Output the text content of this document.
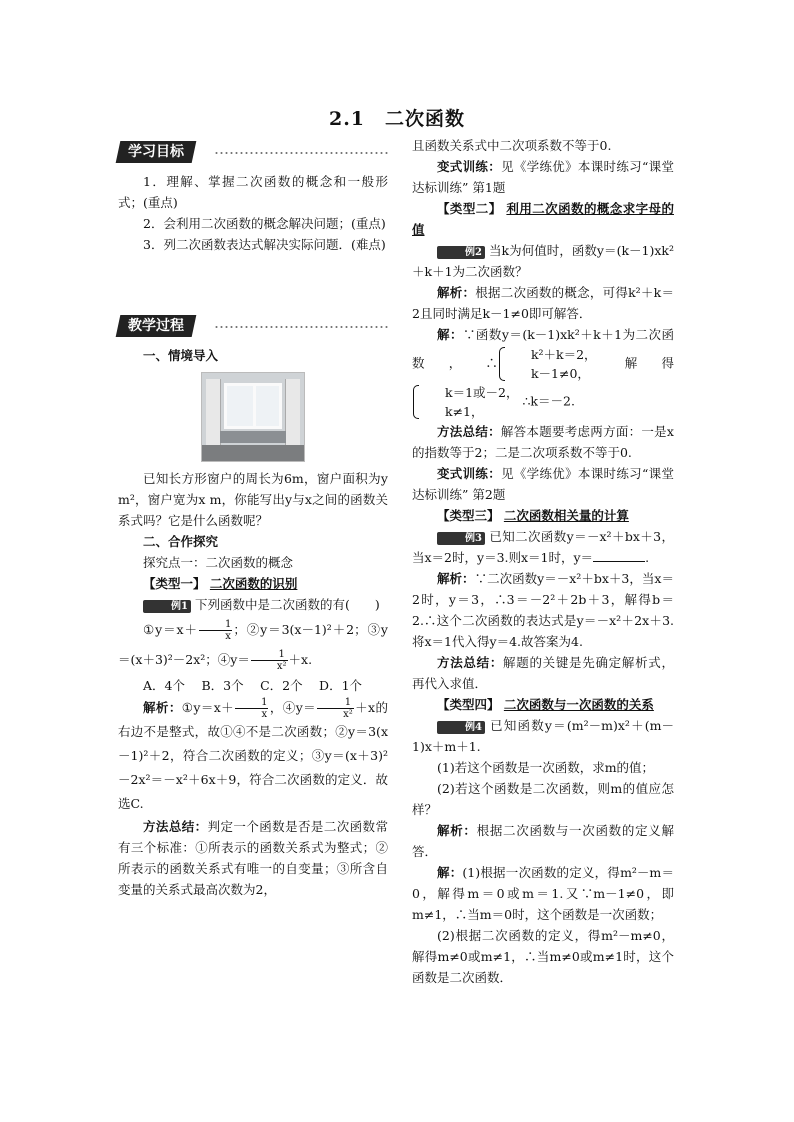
2.1　二次函数
学习目标

1．理解、掌握二次函数的概念和一般形式；(重点)

2．会利用二次函数的概念解决问题；(重点)

3．列二次函数表达式解决实际问题．(难点)

教学过程

一、情境导入

已知长方形窗户的周长为6m，窗户面积为y m²，窗户宽为x m，你能写出y与x之间的函数关系式吗？它是什么函数呢？

二、合作探究

探究点一：二次函数的概念

【类型一】 二次函数的识别

例1 下列函数中是二次函数的有(　　)

①y＝x＋ $\frac{1}{x}$ ；②y＝3(x－1)²＋2；③y＝(x＋3)²－2x²；④y＝ $\frac{1}{\text{x²}} +x$.

A．4个　 B．3个　 C．2个　 D．1个

解析：①y＝x＋ $\frac{1}{x}$ ，④y＝ $\frac{1}{\text{x²}} +x$的右边不是整式，故①④不是二次函数；②y＝3(x－1)²＋2，符合二次函数的定义；③y＝(x＋3)²－2x²＝－x²＋6x＋9，符合二次函数的定义．故选C.

方法总结：判定一个函数是否是二次函数常有三个标准：①所表示的函数关系式为整式；②所表示的函数关系式有唯一的自变量；③所含自变量的关系式最高次数为2，

且函数关系式中二次项系数不等于0.

变式训练：见《学练优》本课时练习“课堂达标训练” 第1题

【类型二】 利用二次函数的概念求字母的值

例2 当k为何值时，函数y＝(k－1)xk²＋k＋1为二次函数？

解析：根据二次函数的概念，可得k²＋k＝2且同时满足k－1≠0即可解答．

解：∵函数y＝(k－1)xk²＋k＋1为二次函数，∴
k²＋k＝2，
k－1≠0，
解得
k＝1或－2，
k≠1，
∴k＝－2.

方法总结：解答本题要考虑两方面：一是x的指数等于2；二是二次项系数不等于0.

变式训练：见《学练优》本课时练习“课堂达标训练” 第2题

【类型三】 二次函数相关量的计算

例3 已知二次函数y＝－x²＋bx＋3，当x＝2时，y＝3.则x＝1时，y＝	.

解析：∵二次函数y＝－x²＋bx＋3，当x＝2时，y＝3，∴3＝－2²＋2b＋3，解得b＝2.∴这个二次函数的表达式是y＝－x²＋2x＋3.将x＝1代入得y＝4.故答案为4.

方法总结：解题的关键是先确定解析式，再代入求值．

【类型四】 二次函数与一次函数的关系

例4 已知函数y＝(m²－m)x²＋(m－1)x＋m＋1.

(1)若这个函数是一次函数，求m的值；

(2)若这个函数是二次函数，则m的值应怎样？

解析：根据二次函数与一次函数的定义解答．

解：(1)根据一次函数的定义，得m²－m＝0，解得m＝0或m＝1.又∵m－1≠0，即m≠1，∴当m＝0时，这个函数是一次函数；

(2)根据二次函数的定义，得m²－m≠0，解得m≠0或m≠1，∴当m≠0或m≠1时，这个函数是二次函数．
